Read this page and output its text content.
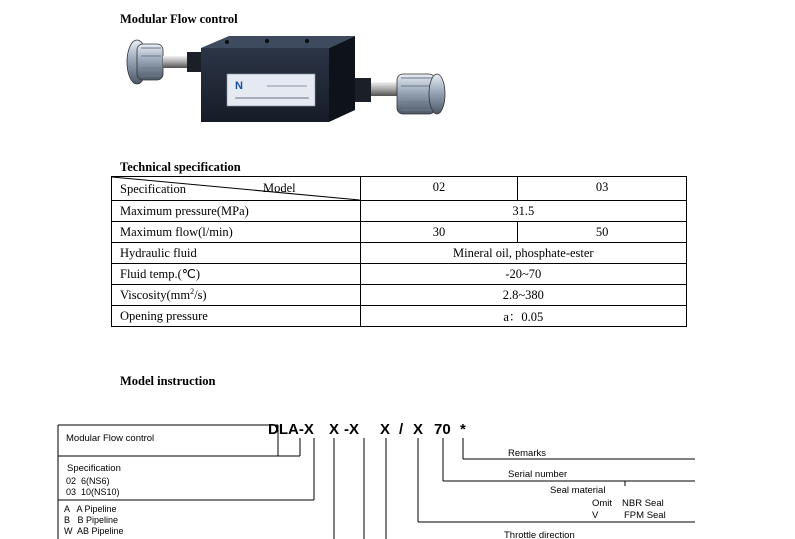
Modular Flow control
N
Technical specification
Model
Specification	02	03
Maximum pressure(MPa)	31.5	
Maximum flow(l/min)	30	50
Hydraulic fluid	Mineral oil, phosphate-ester	
Fluid temp.(℃)	-20~70	
$Viscosity(mm^2/s)$	2.8~380	
Opening pressure	a：0.05	
Model instruction
Modular Flow control
DLA-X X -X X / X 70 *
Specification
02  6(NS6)
03  10(NS10)
A   A Pipeline
B   B Pipeline
W  AB Pipeline
Remarks
Serial number
Seal material
Omit NBR Seal
V	FPM Seal
Throttle direction
